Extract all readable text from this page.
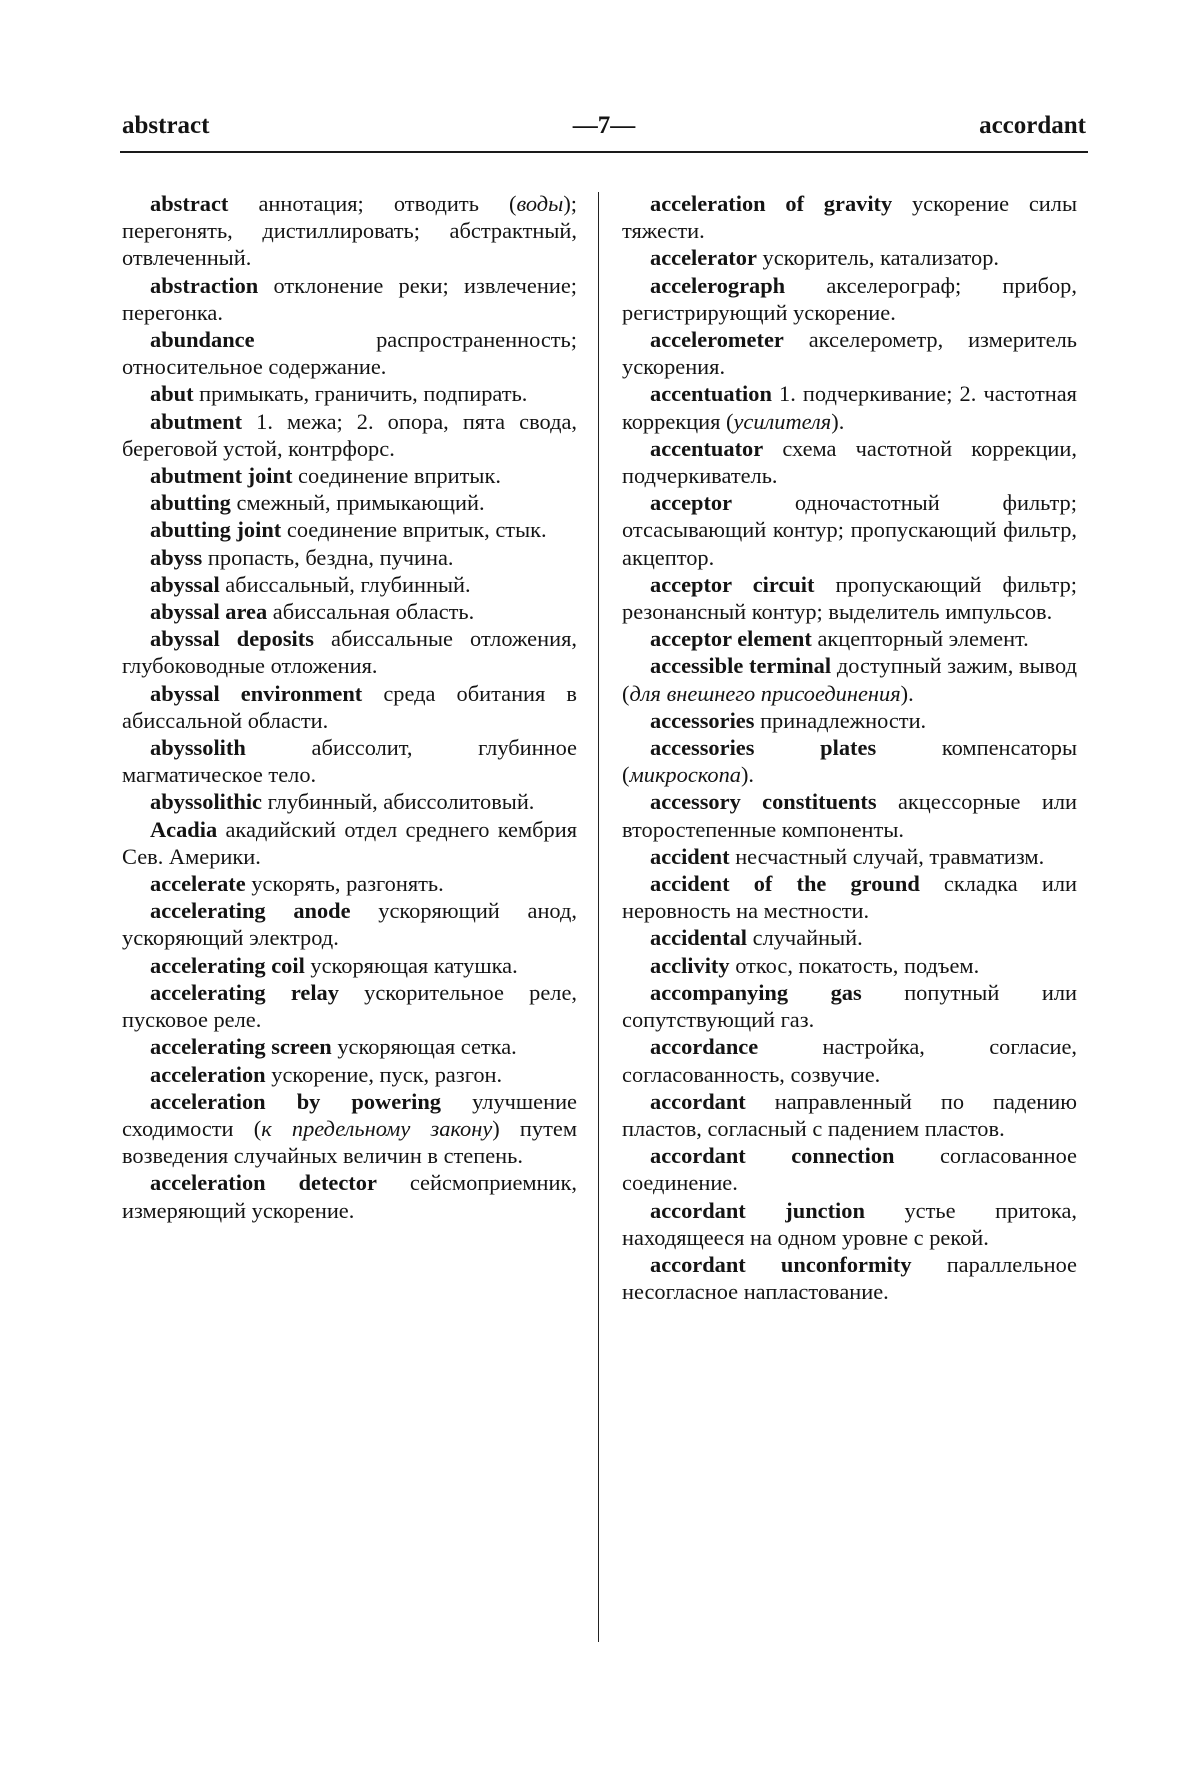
abstract	—7—	accordant

abstract аннотация; отводить (воды); перегонять, дистиллировать; абстрактный, отвлеченный.

abstraction отклонение реки; извлечение; перегонка.

abundance	распространенность; относительное содержание.

abut примыкать, граничить, подпирать.

abutment 1. межа; 2. опора, пята свода, береговой устой, контрфорс.

abutment joint соединение впритык.

abutting смежный, примыкающий.

abutting joint соединение впритык, стык.

abyss пропасть, бездна, пучина.

abyssal абиссальный, глубинный.

abyssal area абиссальная область.

abyssal deposits абиссальные отложения, глубоководные отложения.

abyssal environment среда обитания в абиссальной области.

abyssolith	абиссолит, глубинное магматическое тело.

abyssolithic глубинный, абиссолитовый.

Acadia акадийский отдел среднего кембрия Сев. Америки.

accelerate ускорять, разгонять.

accelerating anode ускоряющий анод, ускоряющий электрод.

accelerating coil ускоряющая катушка.

accelerating relay ускорительное реле, пусковое реле.

accelerating screen ускоряющая сетка.

acceleration ускорение, пуск, разгон.

acceleration by powering улучшение сходимости (к предельному закону) путем возведения случайных величин в степень.

acceleration detector сейсмоприемник, измеряющий ускорение.

acceleration of gravity ускорение силы тяжести.

accelerator ускоритель, катализатор.

accelerograph акселерограф; прибор, регистрирующий ускорение.

accelerometer акселерометр, измеритель ускорения.

accentuation 1. подчеркивание; 2. частотная коррекция (усилителя).

accentuator схема частотной коррекции, подчеркиватель.

acceptor	одночастотный фильтр; отсасывающий контур; пропускающий фильтр, акцептор.

acceptor circuit пропускающий фильтр; резонансный контур; выделитель импульсов.

acceptor element акцепторный элемент.

accessible terminal доступный зажим, вывод (для внешнего присоединения).

accessories принадлежности.

accessories plates	компенсаторы (микроскопа).

accessory constituents акцессорные или второстепенные компоненты.

accident несчастный случай, травматизм.

accident of the ground складка или неровность на местности.

accidental случайный.

acclivity откос, покатость, подъем.

accompanying gas попутный или сопутствующий газ.

accordance	настройка, согласие, согласованность, созвучие.

accordant направленный по падению пластов, согласный с падением пластов.

accordant connection согласованное соединение.

accordant junction устье притока, находящееся на одном уровне с рекой.

accordant unconformity параллельное несогласное напластование.
